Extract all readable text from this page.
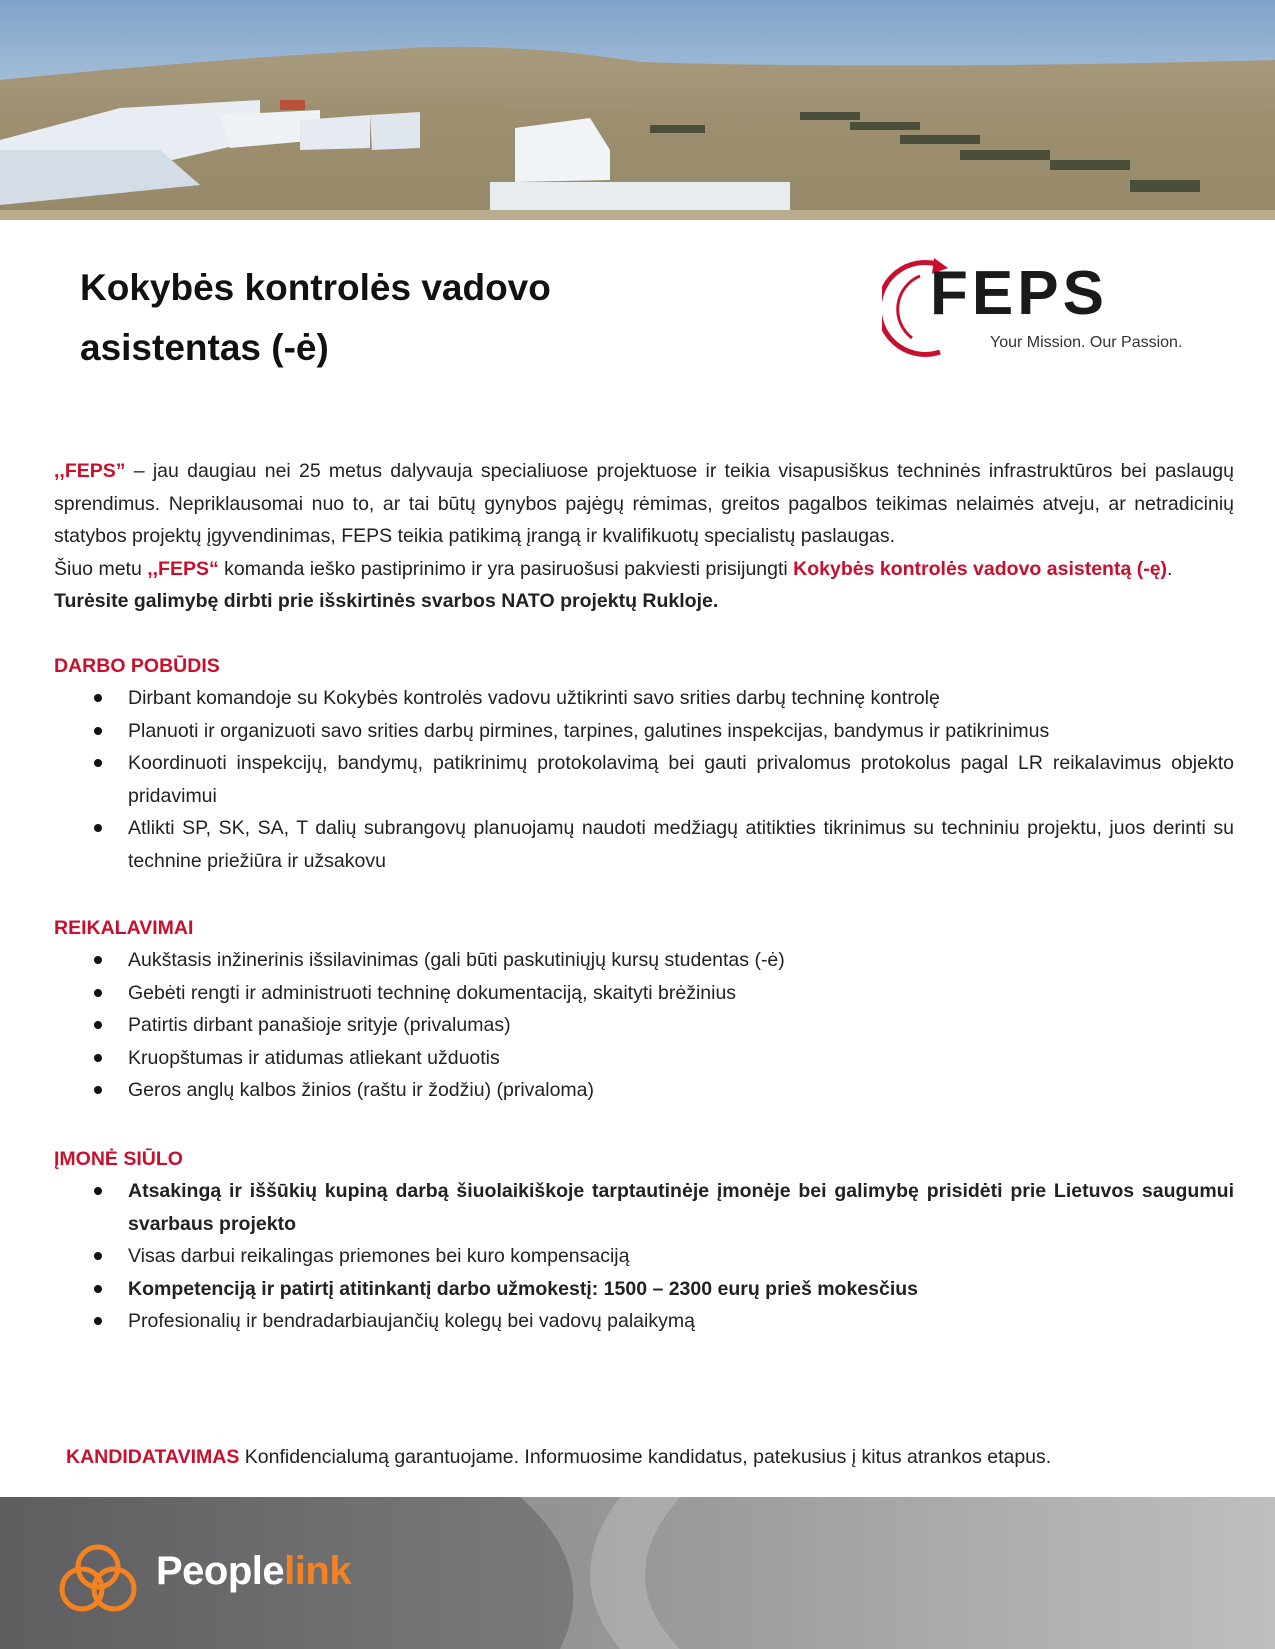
Kokybės kontrolės vadovo
asistentas (-ė)
FEPS
Your Mission. Our Passion.
,,FEPS” – jau daugiau nei 25 metus dalyvauja specialiuose projektuose ir teikia visapusiškus techninės infrastruktūros bei paslaugų sprendimus. Nepriklausomai nuo to, ar tai būtų gynybos pajėgų rėmimas, greitos pagalbos teikimas nelaimės atveju, ar netradicinių statybos projektų įgyvendinimas, FEPS teikia patikimą įrangą ir kvalifikuotų specialistų paslaugas.
Šiuo metu ,,FEPS“ komanda ieško pastiprinimo ir yra pasiruošusi pakviesti prisijungti Kokybės kontrolės vadovo asistentą (-ę).
Turėsite galimybę dirbti prie išskirtinės svarbos NATO projektų Rukloje.
DARBO POBŪDIS
Dirbant komandoje su Kokybės kontrolės vadovu užtikrinti savo srities darbų techninę kontrolę
Planuoti ir organizuoti savo srities darbų pirmines, tarpines, galutines inspekcijas, bandymus ir patikrinimus
Koordinuoti inspekcijų, bandymų, patikrinimų protokolavimą bei gauti privalomus protokolus pagal LR reikalavimus objekto pridavimui
Atlikti SP, SK, SA, T dalių subrangovų planuojamų naudoti medžiagų atitikties tikrinimus su techniniu projektu, juos derinti su technine priežiūra ir užsakovu
REIKALAVIMAI
Aukštasis inžinerinis išsilavinimas (gali būti paskutiniųjų kursų studentas (-ė)
Gebėti rengti ir administruoti techninę dokumentaciją, skaityti brėžinius
Patirtis dirbant panašioje srityje (privalumas)
Kruopštumas ir atidumas atliekant užduotis
Geros anglų kalbos žinios (raštu ir žodžiu) (privaloma)
ĮMONĖ SIŪLO
Atsakingą ir iššūkių kupiną darbą šiuolaikiškoje tarptautinėje įmonėje bei galimybę prisidėti prie Lietuvos saugumui svarbaus projekto
Visas darbui reikalingas priemones bei kuro kompensaciją
Kompetenciją ir patirtį atitinkantį darbo užmokestį: 1500 – 2300 eurų prieš mokesčius
Profesionalių ir bendradarbiaujančių kolegų bei vadovų palaikymą
KANDIDATAVIMAS Konfidencialumą garantuojame. Informuosime kandidatus, patekusius į kitus atrankos etapus.
Peoplelink
